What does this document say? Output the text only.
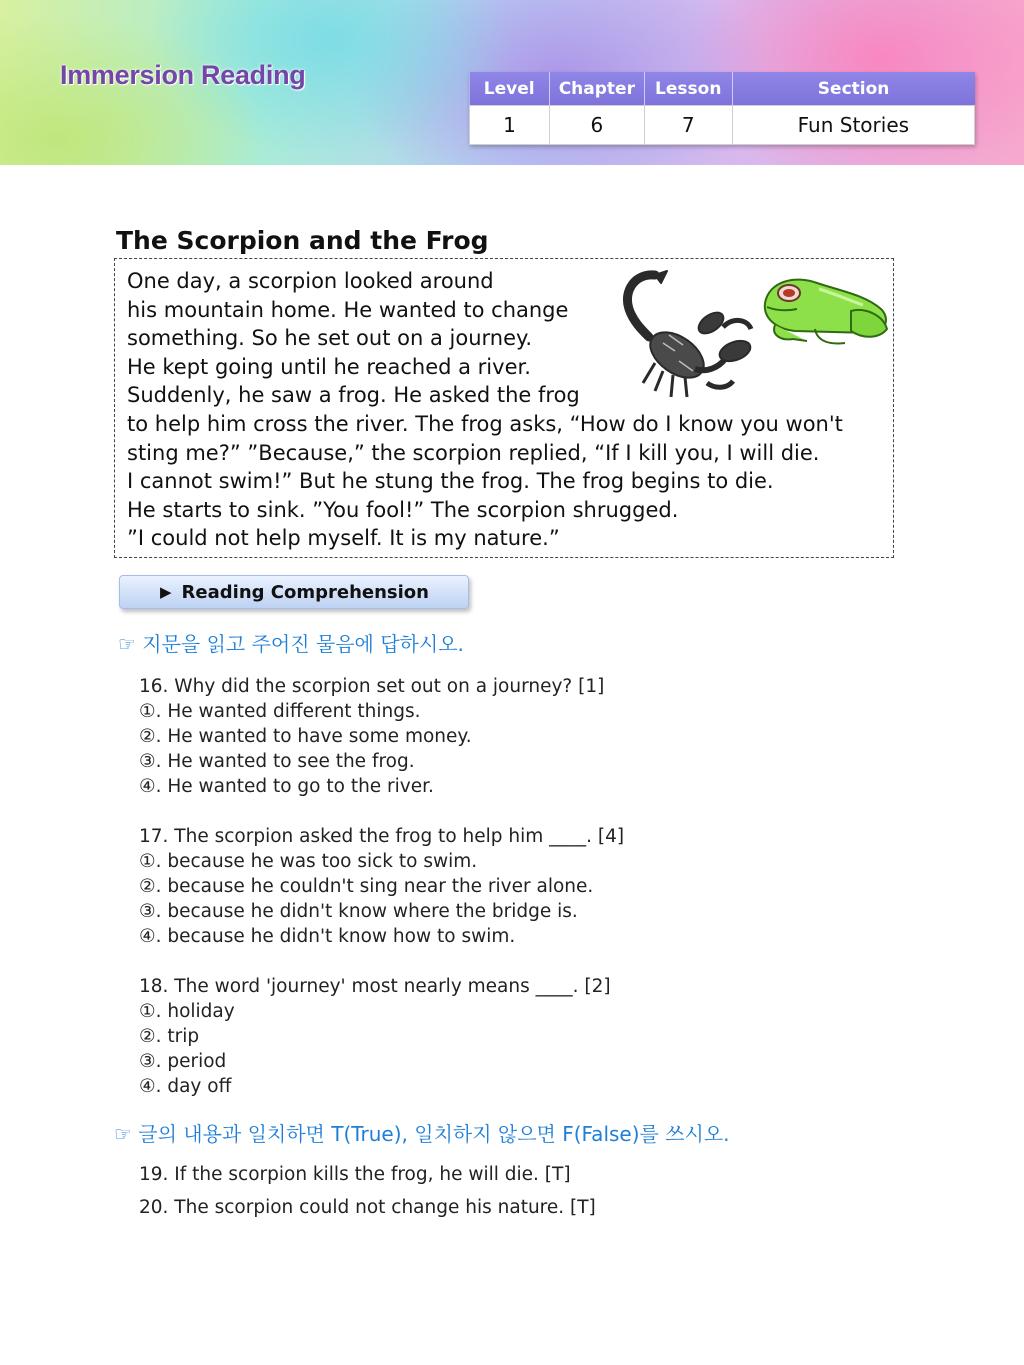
Immersion Reading	Level	Chapter	Lesson	Section
1	6	7	Fun Stories
The Scorpion and the Frog

One day, a scorpion looked around

his mountain home. He wanted to change

something. So he set out on a journey.

He kept going until he reached a river.

Suddenly, he saw a frog. He asked the frog

to help him cross the river. The frog asks, “How do I know you won't

sting me?” ”Because,” the scorpion replied, “If I kill you, I will die.

I cannot swim!” But he stung the frog. The frog begins to die.

He starts to sink. ”You fool!” The scorpion shrugged.

”I could not help myself. It is my nature.”

▶ Reading Comprehension

☞ 지문을 읽고 주어진 물음에 답하시오.

16. Why did the scorpion set out on a journey? [1]
①. He wanted different things.
②. He wanted to have some money.
③. He wanted to see the frog.
④. He wanted to go to the river.
17. The scorpion asked the frog to help him ____. [4]
①. because he was too sick to swim.
②. because he couldn't sing near the river alone.
③. because he didn't know where the bridge is.
④. because he didn't know how to swim.
18. The word 'journey' most nearly means ____. [2]
①. holiday
②. trip
③. period
④. day off

☞ 글의 내용과 일치하면 T(True), 일치하지 않으면 F(False)를 쓰시오.

19. If the scorpion kills the frog, he will die. [T]
20. The scorpion could not change his nature. [T]
